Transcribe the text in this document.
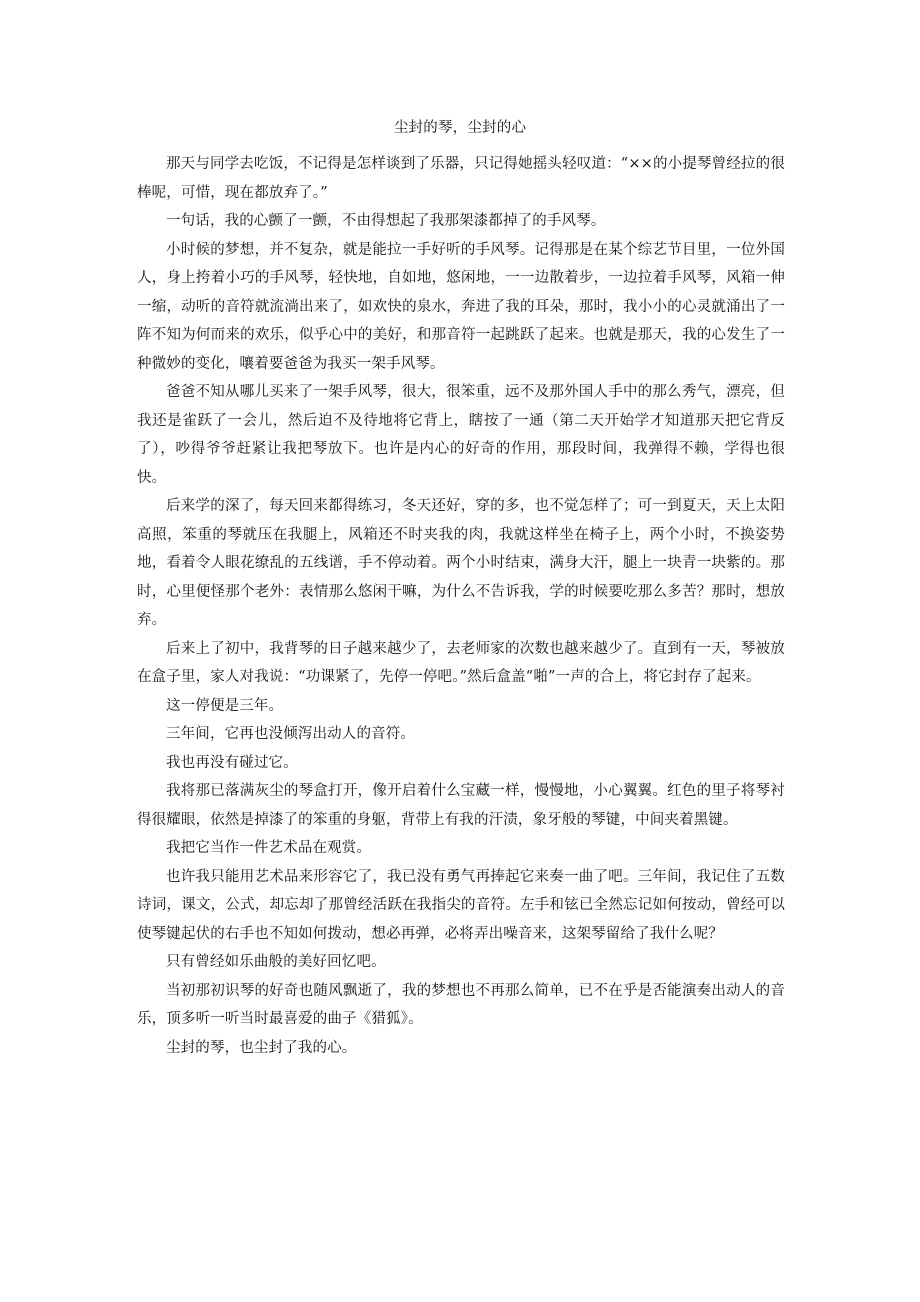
尘封的琴，尘封的心

那天与同学去吃饭，不记得是怎样谈到了乐器，只记得她摇头轻叹道：“××的小提琴曾经拉的很棒呢，可惜，现在都放弃了。”

一句话，我的心颤了一颤，不由得想起了我那架漆都掉了的手风琴。

小时候的梦想，并不复杂，就是能拉一手好听的手风琴。记得那是在某个综艺节目里，一位外国人，身上挎着小巧的手风琴，轻快地，自如地，悠闲地，一一边散着步，一边拉着手风琴，风箱一伸一缩，动听的音符就流淌出来了，如欢快的泉水，奔进了我的耳朵，那时，我小小的心灵就涌出了一阵不知为何而来的欢乐，似乎心中的美好，和那音符一起跳跃了起来。也就是那天，我的心发生了一种微妙的变化，嚷着要爸爸为我买一架手风琴。

爸爸不知从哪儿买来了一架手风琴，很大，很笨重，远不及那外国人手中的那么秀气，漂亮，但我还是雀跃了一会儿，然后迫不及待地将它背上，瞎按了一通（第二天开始学才知道那天把它背反了），吵得爷爷赶紧让我把琴放下。也许是内心的好奇的作用，那段时间，我弹得不赖，学得也很快。

后来学的深了，每天回来都得练习，冬天还好，穿的多，也不觉怎样了；可一到夏天，天上太阳高照，笨重的琴就压在我腿上，风箱还不时夹我的肉，我就这样坐在椅子上，两个小时，不换姿势地，看着令人眼花缭乱的五线谱，手不停动着。两个小时结束，满身大汗，腿上一块青一块紫的。那时，心里便怪那个老外：表情那么悠闲干嘛，为什么不告诉我，学的时候要吃那么多苦？那时，想放弃。

后来上了初中，我背琴的日子越来越少了，去老师家的次数也越来越少了。直到有一天，琴被放在盒子里，家人对我说：“功课紧了，先停一停吧。”然后盒盖“啪”一声的合上，将它封存了起来。

这一停便是三年。

三年间，它再也没倾泻出动人的音符。

我也再没有碰过它。

我将那已落满灰尘的琴盒打开，像开启着什么宝藏一样，慢慢地，小心翼翼。红色的里子将琴衬得很耀眼，依然是掉漆了的笨重的身躯，背带上有我的汗渍，象牙般的琴键，中间夹着黑键。

我把它当作一件艺术品在观赏。

也许我只能用艺术品来形容它了，我已没有勇气再捧起它来奏一曲了吧。三年间，我记住了五数诗词，课文，公式，却忘却了那曾经活跃在我指尖的音符。左手和铉已全然忘记如何按动，曾经可以使琴键起伏的右手也不知如何拨动，想必再弹，必将弄出噪音来，这架琴留给了我什么呢？

只有曾经如乐曲般的美好回忆吧。

当初那初识琴的好奇也随风飘逝了，我的梦想也不再那么简单，已不在乎是否能演奏出动人的音乐，顶多听一听当时最喜爱的曲子《猎狐》。

尘封的琴，也尘封了我的心。
